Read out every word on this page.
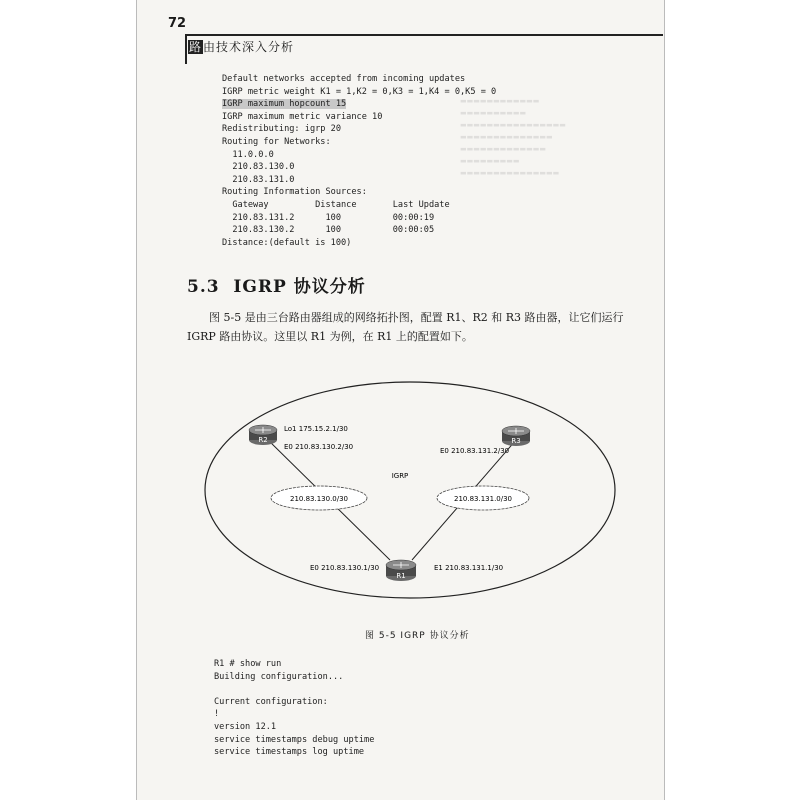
▬▬▬▬▬▬▬▬▬▬▬▬
▬▬▬▬▬▬▬▬▬▬
▬▬▬▬▬▬▬▬▬▬▬▬▬▬▬▬
▬▬▬▬▬▬▬▬▬▬▬▬▬▬
▬▬▬▬▬▬▬▬▬▬▬▬▬
▬▬▬▬▬▬▬▬▬
▬▬▬▬▬▬▬▬▬▬▬▬▬▬▬
72
路由技术深入分析
Default networks accepted from incoming updates
IGRP metric weight K1 = 1,K2 = 0,K3 = 1,K4 = 0,K5 = 0
IGRP maximum hopcount 15
IGRP maximum metric variance 10
Redistributing: igrp 20
Routing for Networks:
11.0.0.0
210.83.130.0
210.83.131.0
Routing Information Sources:
Gateway         Distance       Last Update
210.83.131.2      100          00:00:19
210.83.130.2      100          00:00:05
Distance:(default is 100)
5.3 IGRP 协议分析
图 5-5 是由三台路由器组成的网络拓扑图，配置 R1、R2 和 R3 路由器，让它们运行 IGRP 路由协议。这里以 R1 为例，在 R1 上的配置如下。
210.83.130.0/30	210.83.131.0/30
R2	R3
R1
IGRP
Lo1 175.15.2.1/30
E0 210.83.130.2/30	E0 210.83.131.2/30
E0 210.83.130.1/30	E1 210.83.131.1/30
图 5-5 IGRP 协议分析
R1 # show run
Building configuration...

Current configuration:
!
version 12.1
service timestamps debug uptime
service timestamps log uptime
